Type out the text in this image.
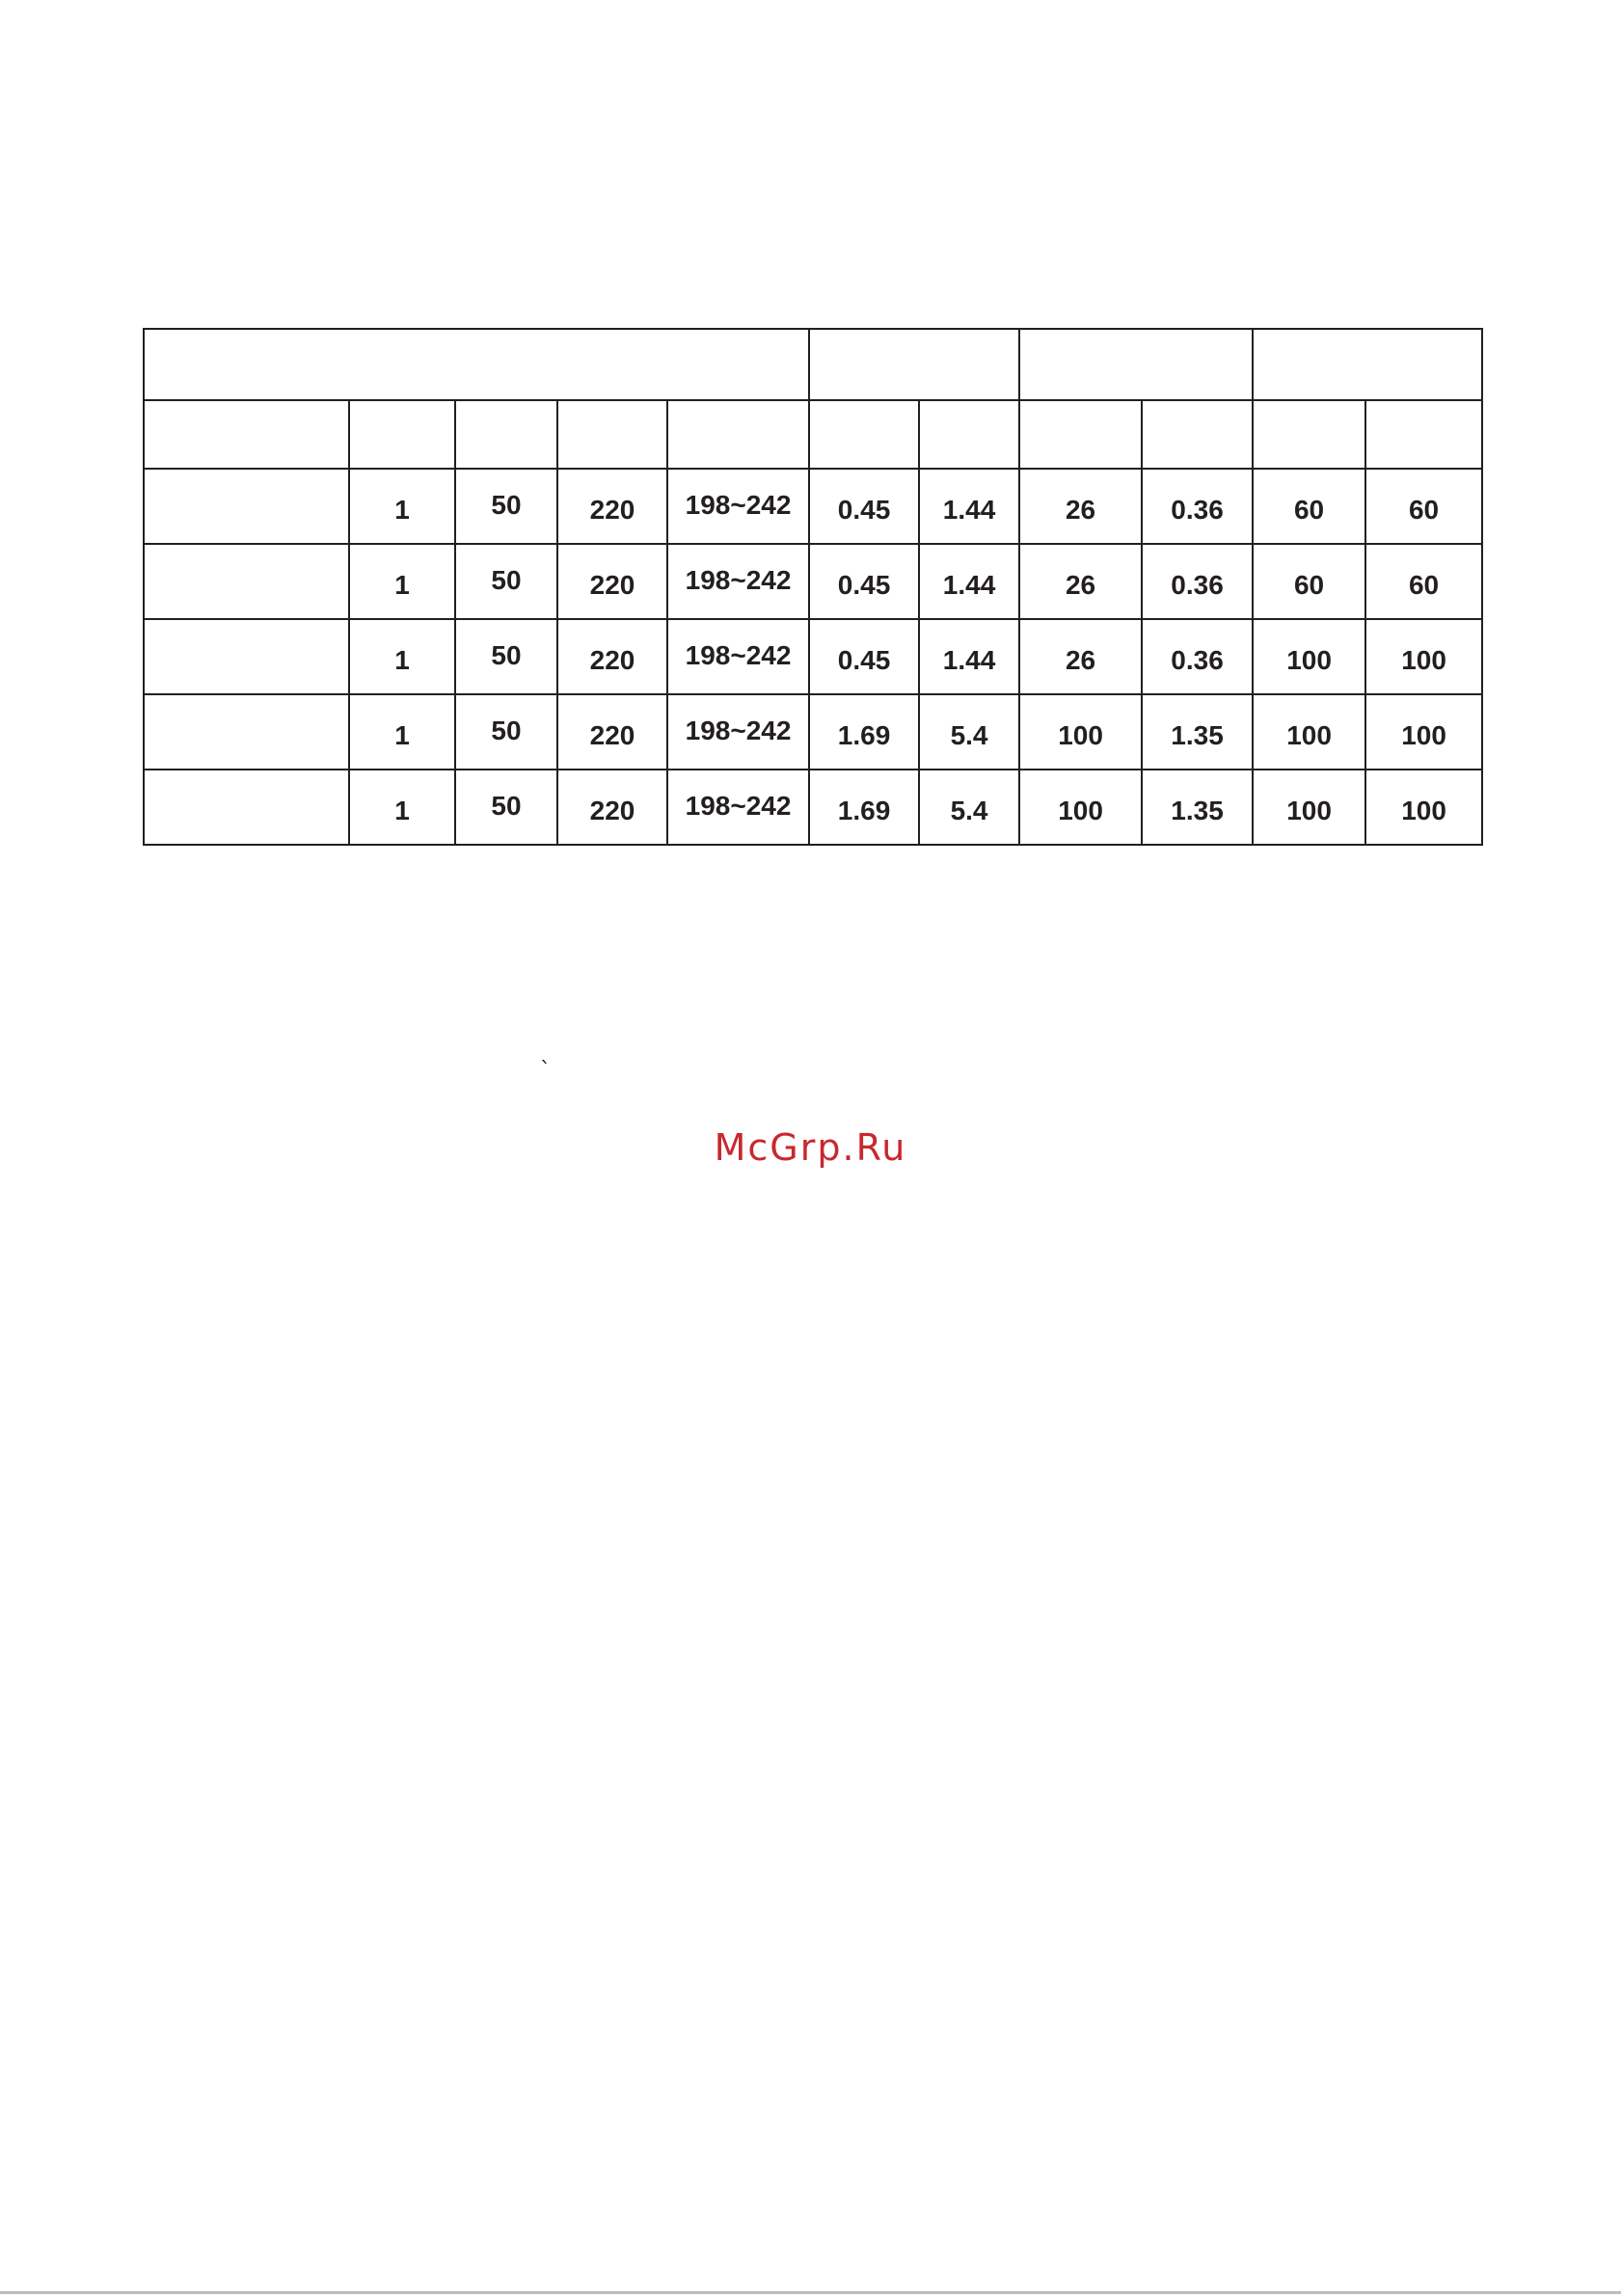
	1	50	220	198~242	0.45	1.44	26	0.36	60	60
	1	50	220	198~242	0.45	1.44	26	0.36	60	60
	1	50	220	198~242	0.45	1.44	26	0.36	100	100
	1	50	220	198~242	1.69	5.4	100	1.35	100	100
	1	50	220	198~242	1.69	5.4	100	1.35	100	100
`
McGrp.Ru
